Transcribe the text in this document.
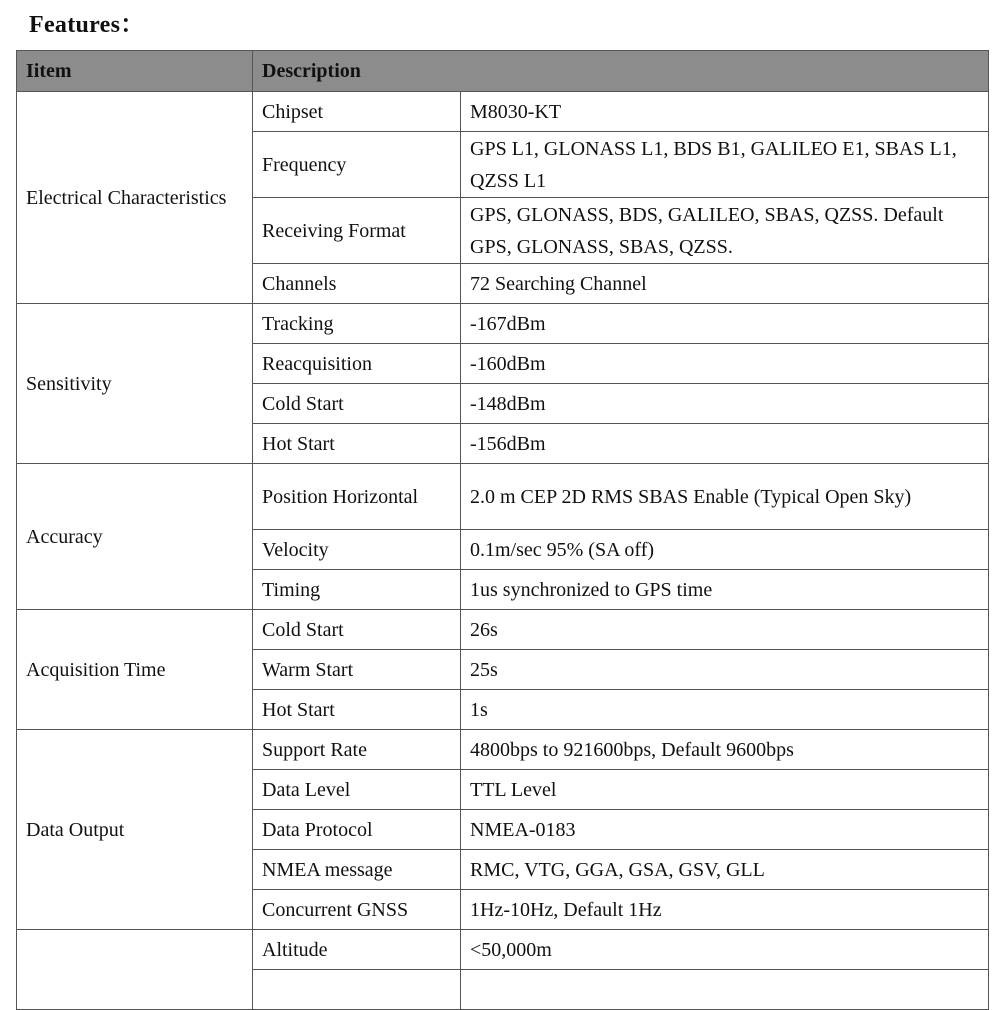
Features：
Iitem	Description	
Electrical Characteristics	Chipset	M8030-KT
	Frequency	GPS L1, GLONASS L1, BDS B1, GALILEO E1, SBAS L1, QZSS L1
	Receiving Format	GPS, GLONASS, BDS, GALILEO, SBAS, QZSS. Default GPS, GLONASS, SBAS, QZSS.
	Channels	72 Searching Channel
Sensitivity	Tracking	-167dBm
	Reacquisition	-160dBm
	Cold Start	-148dBm
	Hot Start	-156dBm
Accuracy	Position Horizontal	2.0 m CEP 2D RMS SBAS Enable (Typical Open Sky)
	Velocity	0.1m/sec 95% (SA off)
	Timing	1us synchronized to GPS time
Acquisition Time	Cold Start	26s
	Warm Start	25s
	Hot Start	1s
Data Output	Support Rate	4800bps to 921600bps, Default 9600bps
	Data Level	TTL Level
	Data Protocol	NMEA-0183
	NMEA message	RMC, VTG, GGA, GSA, GSV, GLL
	Concurrent GNSS	1Hz-10Hz, Default 1Hz
	Altitude	<50,000m
